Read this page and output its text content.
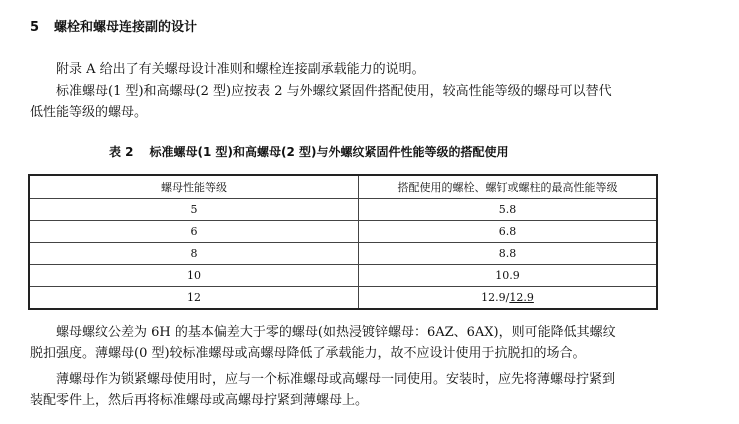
5 螺栓和螺母连接副的设计
附录 A 给出了有关螺母设计准则和螺栓连接副承载能力的说明。
标准螺母(1 型)和高螺母(2 型)应按表 2 与外螺纹紧固件搭配使用，较高性能等级的螺母可以替代
低性能等级的螺母。
表 2 标准螺母(1 型)和高螺母(2 型)与外螺纹紧固件性能等级的搭配使用
螺母性能等级	搭配使用的螺栓、螺钉或螺柱的最高性能等级
5	5.8
6	6.8
8	8.8
10	10.9
12	12.9/12.9
螺母螺纹公差为 6H 的基本偏差大于零的螺母(如热浸镀锌螺母：6AZ、6AX)，则可能降低其螺纹
脱扣强度。薄螺母(0 型)较标准螺母或高螺母降低了承载能力，故不应设计使用于抗脱扣的场合。
薄螺母作为锁紧螺母使用时，应与一个标准螺母或高螺母一同使用。安装时，应先将薄螺母拧紧到
装配零件上，然后再将标准螺母或高螺母拧紧到薄螺母上。
